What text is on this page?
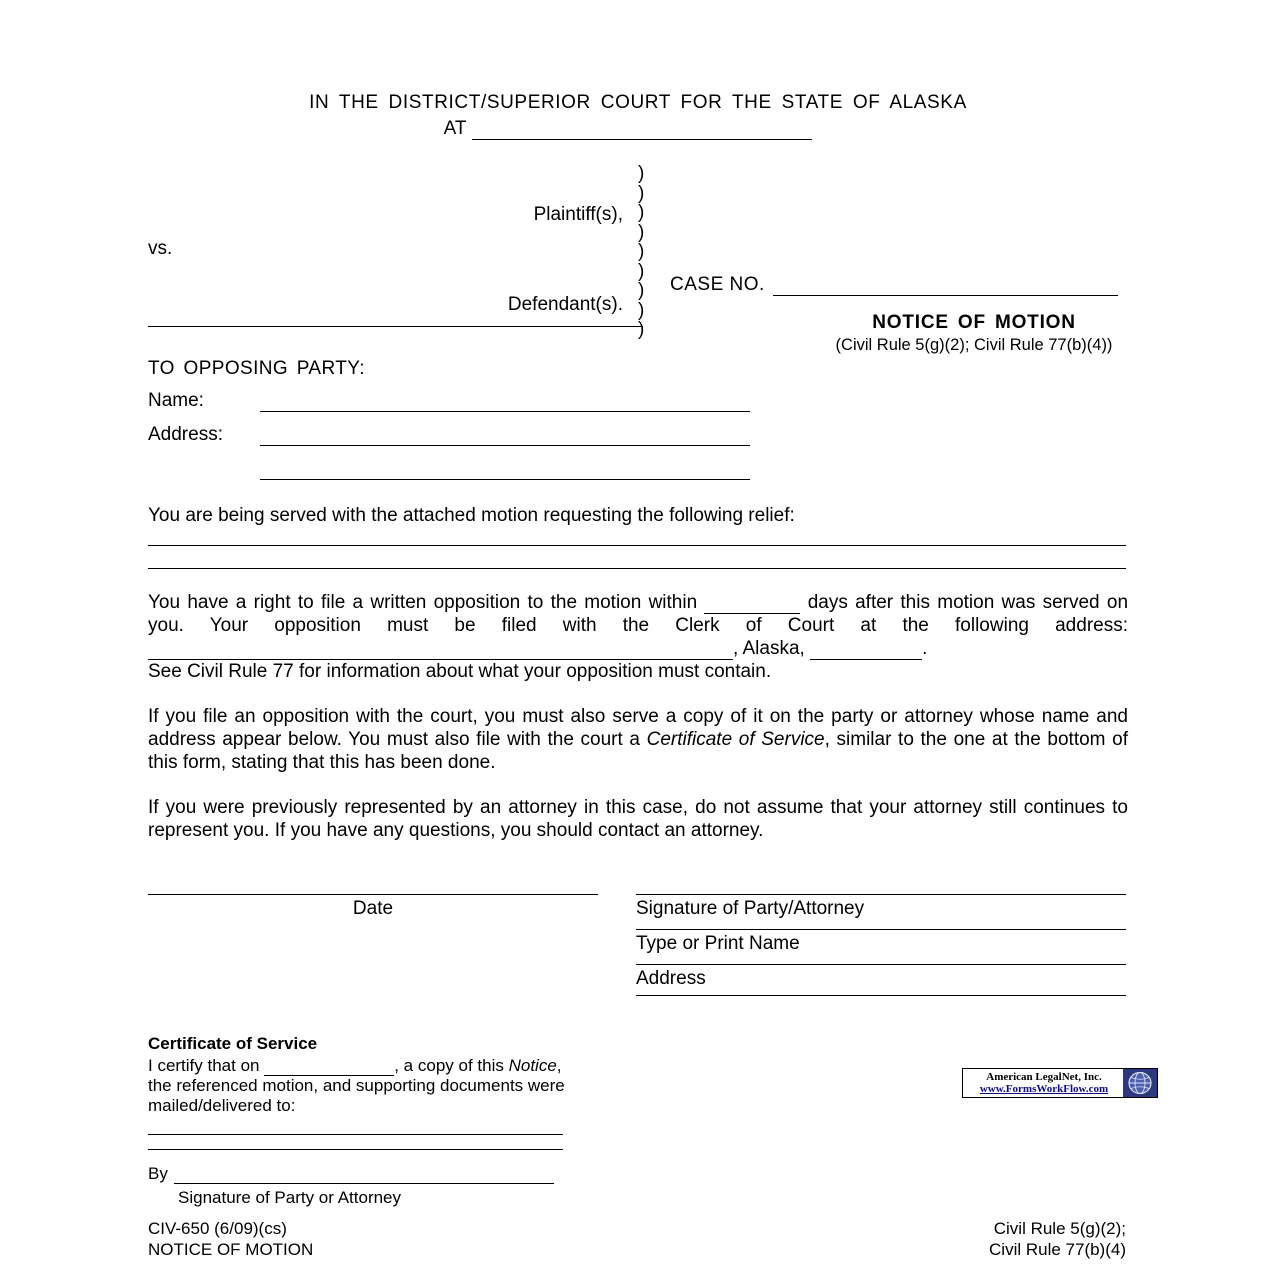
IN THE DISTRICT/SUPERIOR COURT FOR THE STATE OF ALASKA
AT
Plaintiff(s),
vs.
Defendant(s).
)
)
)
)
)
)
)
)
)
CASE NO.
NOTICE OF MOTION
(Civil Rule 5(g)(2); Civil Rule 77(b)(4))
TO OPPOSING PARTY:
Name:
Address:
You are being served with the attached motion requesting the following relief:
You have a right to file a written opposition to the motion within	days after this motion was served on you. Your opposition must be filed with the Clerk of Court at the following address: , Alaska,	.
See Civil Rule 77 for information about what your opposition must contain.
If you file an opposition with the court, you must also serve a copy of it on the party or attorney whose name and address appear below. You must also file with the court a Certificate of Service, similar to the one at the bottom of this form, stating that this has been done.
If you were previously represented by an attorney in this case, do not assume that your attorney still continues to represent you. If you have any questions, you should contact an attorney.
Date	Signature of Party/Attorney
Type or Print Name
Address
Certificate of Service
I certify that on	, a copy of this Notice, the referenced motion, and supporting documents were mailed/delivered to:
By
Signature of Party or Attorney
CIV-650 (6/09)(cs)
NOTICE OF MOTION
Civil Rule 5(g)(2);
Civil Rule 77(b)(4)
American LegalNet, Inc.
www.FormsWorkFlow.com
